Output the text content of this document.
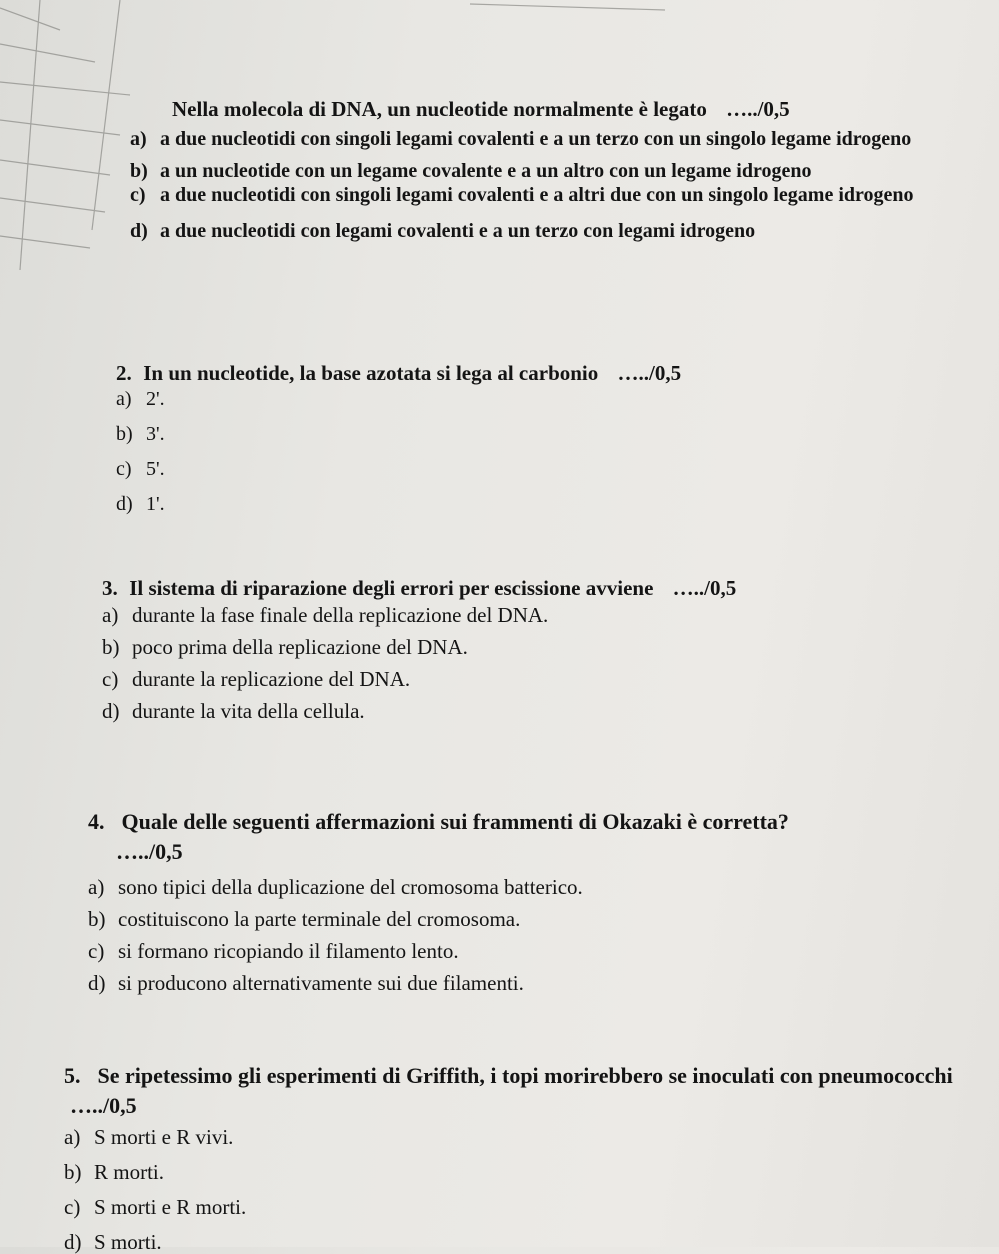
Nella molecola di DNA, un nucleotide normalmente è legato …../0,5

a) a due nucleotidi con singoli legami covalenti e a un terzo con un singolo legame idrogeno

b) a un nucleotide con un legame covalente e a un altro con un legame idrogeno

c) a due nucleotidi con singoli legami covalenti e a altri due con un singolo legame idrogeno

d) a due nucleotidi con legami covalenti e a un terzo con legami idrogeno

2. In un nucleotide, la base azotata si lega al carbonio …../0,5

a) 2'.

b) 3'.

c) 5'.

d) 1'.

3. Il sistema di riparazione degli errori per escissione avviene …../0,5

a) durante la fase finale della replicazione del DNA.

b) poco prima della replicazione del DNA.

c) durante la replicazione del DNA.

d) durante la vita della cellula.

4. Quale delle seguenti affermazioni sui frammenti di Okazaki è corretta?
…../0,5

a) sono tipici della duplicazione del cromosoma batterico.

b) costituiscono la parte terminale del cromosoma.

c) si formano ricopiando il filamento lento.

d) si producono alternativamente sui due filamenti.

5. Se ripetessimo gli esperimenti di Griffith, i topi morirebbero se inoculati con pneumococchi …../0,5

a) S morti e R vivi.

b) R morti.

c) S morti e R morti.

d) S morti.
